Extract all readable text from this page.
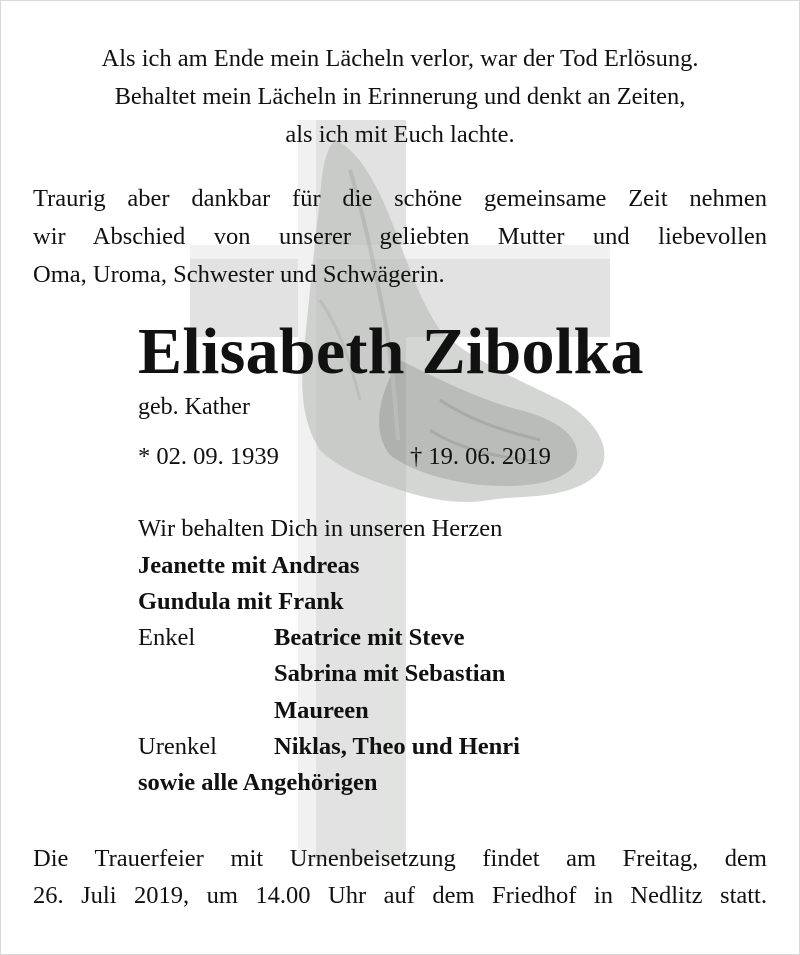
Als ich am Ende mein Lächeln verlor, war der Tod Erlösung.
Behaltet mein Lächeln in Erinnerung und denkt an Zeiten,
als ich mit Euch lachte.
Traurig aber dankbar für die schöne gemeinsame Zeit nehmen
wir Abschied von unserer geliebten Mutter und liebevollen
Oma, Uroma, Schwester und Schwägerin.
Elisabeth Zibolka
geb. Kather
* 02. 09. 1939	† 19. 06. 2019
Wir behalten Dich in unseren Herzen
Jeanette mit Andreas
Gundula mit Frank
Enkel	Beatrice mit Steve
Sabrina mit Sebastian
Maureen
Urenkel Niklas, Theo und Henri
sowie alle Angehörigen
Die Trauerfeier mit Urnenbeisetzung findet am Freitag, dem
26. Juli 2019, um 14.00 Uhr auf dem Friedhof in Nedlitz statt.
